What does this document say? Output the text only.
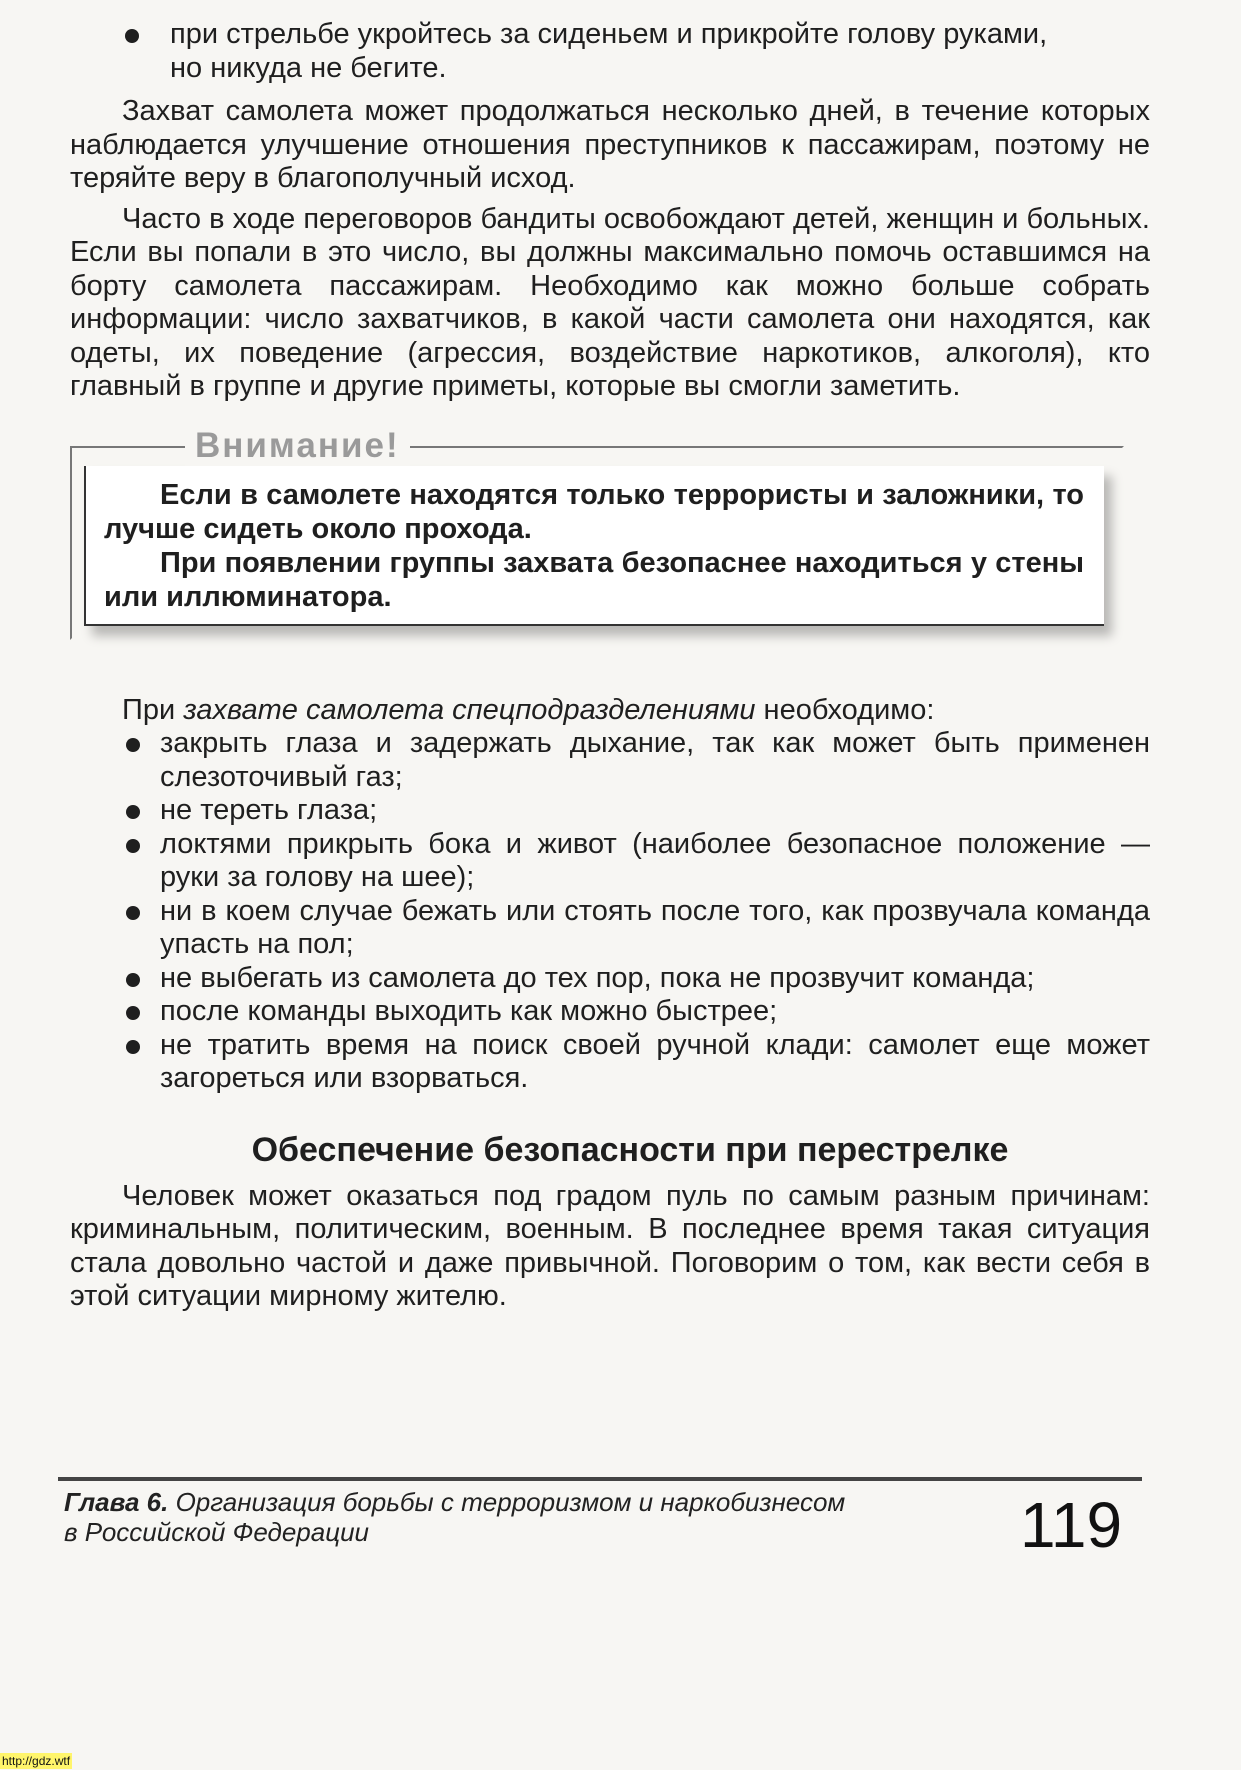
при стрельбе укройтесь за сиденьем и прикройте голову руками,
но никуда не бегите.

Захват самолета может продолжаться несколько дней, в течение которых наблюдается улучшение отношения преступников к пассажирам, поэтому не теряйте веру в благополучный исход.

Часто в ходе переговоров бандиты освобождают детей, женщин и больных. Если вы попали в это число, вы должны максимально помочь оставшимся на борту самолета пассажирам. Необходимо как можно больше собрать информации: число захватчиков, в какой части самолета они находятся, как одеты, их поведение (агрессия, воздействие наркотиков, алкоголя), кто главный в группе и другие приметы, которые вы смогли заметить.

Внимание!

Если в самолете находятся только террористы и заложники, то лучше сидеть около прохода.

При появлении группы захвата безопаснее находиться у стены или иллюминатора.

При захвате самолета спецподразделениями необходимо:
закрыть глаза и задержать дыхание, так как может быть применен слезоточивый газ;
не тереть глаза;
локтями прикрыть бока и живот (наиболее безопасное положение — руки за голову на шее);
ни в коем случае бежать или стоять после того, как прозвучала команда упасть на пол;
не выбегать из самолета до тех пор, пока не прозвучит команда;
после команды выходить как можно быстрее;
не тратить время на поиск своей ручной клади: самолет еще может загореться или взорваться.
Обеспечение безопасности при перестрелке

Человек может оказаться под градом пуль по самым разным причинам: криминальным, политическим, военным. В последнее время такая ситуация стала довольно частой и даже привычной. Поговорим о том, как вести себя в этой ситуации мирному жителю.

Глава 6. Организация борьбы с терроризмом и наркобизнесом
в Российской Федерации	119
http://gdz.wtf
